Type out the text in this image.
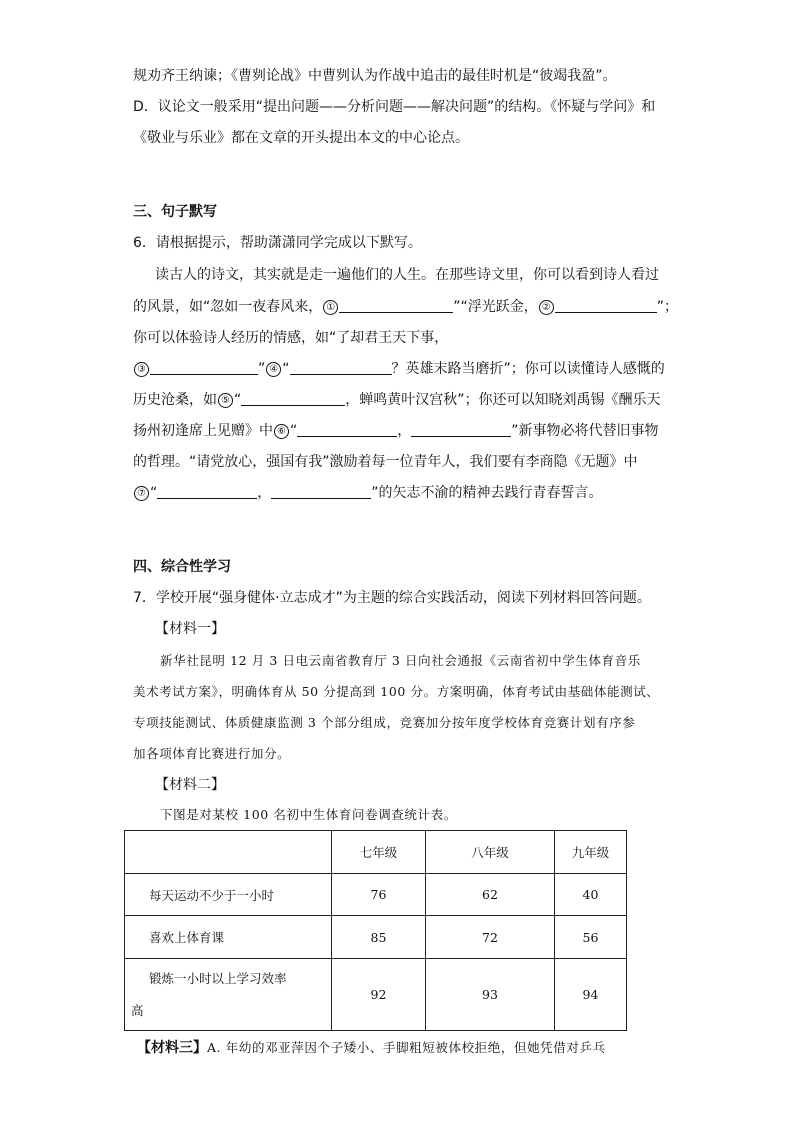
规劝齐王纳谏；《曹刿论战》中曹刿认为作战中追击的最佳时机是“彼竭我盈”。
D．议论文一般采用“提出问题——分析问题——解决问题”的结构。《怀疑与学问》和
《敬业与乐业》都在文章的开头提出本文的中心论点。
三、句子默写
6．请根据提示，帮助潇潇同学完成以下默写。
读古人的诗文，其实就是走一遍他们的人生。在那些诗文里，你可以看到诗人看过
的风景，如“忽如一夜春风来， ①	”“浮光跃金， ②	”；
你可以体验诗人经历的情感，如“了却君王天下事，
③	” ④ “	？英雄末路当磨折”；你可以读懂诗人感慨的
历史沧桑，如 ⑤ “	，蝉鸣黄叶汉宫秋”；你还可以知晓刘禹锡《酬乐天
扬州初逢席上见赠》中 ⑥ “	，	”新事物必将代替旧事物
的哲理。“请党放心，强国有我”激励着每一位青年人，我们要有李商隐《无题》中
⑦ “	，	”的矢志不渝的精神去践行青春誓言。
四、综合性学习
7．学校开展“强身健体·立志成才”为主题的综合实践活动，阅读下列材料回答问题。
【材料一】
新华社昆明 12 月 3 日电云南省教育厅 3 日向社会通报《云南省初中学生体育音乐
美术考试方案》，明确体育从 50 分提高到 100 分。方案明确，体育考试由基础体能测试、
专项技能测试、体质健康监测 3 个部分组成，竞赛加分按年度学校体育竞赛计划有序参
加各项体育比赛进行加分。
【材料二】
下图是对某校 100 名初中生体育问卷调查统计表。
	七年级	八年级	九年级
每天运动不少于一小时	76	62	40
喜欢上体育课	85	72	56

锻炼一小时以上学习效率
高	92	93	94
【材料三】A. 年幼的邓亚萍因个子矮小、手脚粗短被体校拒绝，但她凭借对乒乓
